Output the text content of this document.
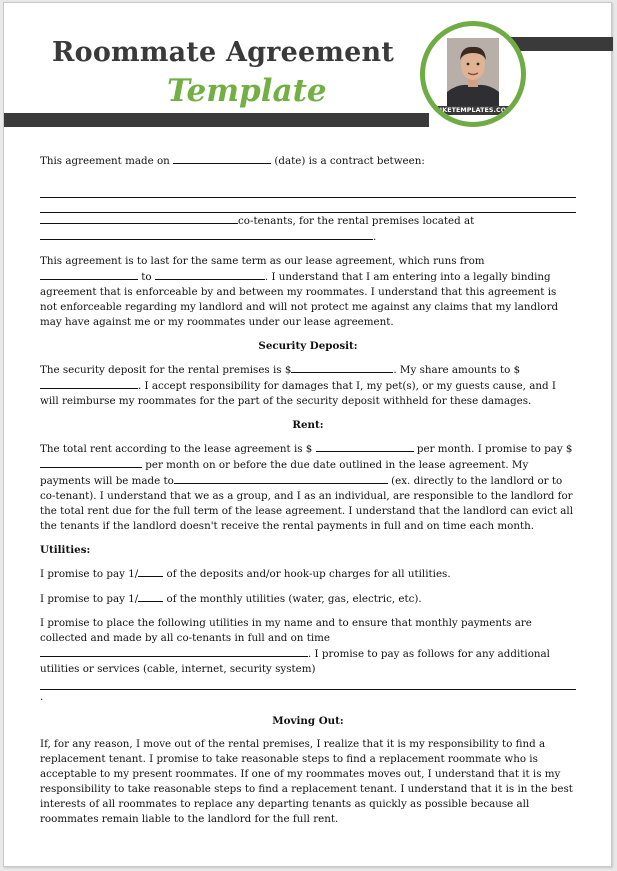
Roommate Agreement
Template
MIKETEMPLATES.COM

This agreement made on	(date) is a contract between:

co-tenants, for the rental premises located at

.

This agreement is to last for the same term as our lease agreement, which runs from  to	. I understand that I am entering into a legally binding agreement that is enforceable by and between my roommates. I understand that this agreement is not enforceable regarding my landlord and will not protect me against any claims that my landlord may have against me or my roommates under our lease agreement.

Security Deposit:

The security deposit for the rental premises is $	. My share amounts to $. I accept responsibility for damages that I, my pet(s), or my guests cause, and I will reimburse my roommates for the part of the security deposit withheld for these damages.

Rent:

The total rent according to the lease agreement is $	per month. I promise to pay $ per month on or before the due date outlined in the lease agreement. My payments will be made to	(ex. directly to the landlord or to co-tenant). I understand that we as a group, and I as an individual, are responsible to the landlord for the total rent due for the full term of the lease agreement. I understand that the landlord can evict all the tenants if the landlord doesn't receive the rental payments in full and on time each month.

Utilities:

I promise to pay 1/	of the deposits and/or hook-up charges for all utilities.

I promise to pay 1/	of the monthly utilities (water, gas, electric, etc).

I promise to place the following utilities in my name and to ensure that monthly payments are collected and made by all co-tenants in full and on time. I promise to pay as follows for any additional utilities or services (cable, internet, security system)

.

Moving Out:

If, for any reason, I move out of the rental premises, I realize that it is my responsibility to find a replacement tenant. I promise to take reasonable steps to find a replacement roommate who is acceptable to my present roommates. If one of my roommates moves out, I understand that it is my responsibility to take reasonable steps to find a replacement tenant. I understand that it is in the best interests of all roommates to replace any departing tenants as quickly as possible because all roommates remain liable to the landlord for the full rent.
